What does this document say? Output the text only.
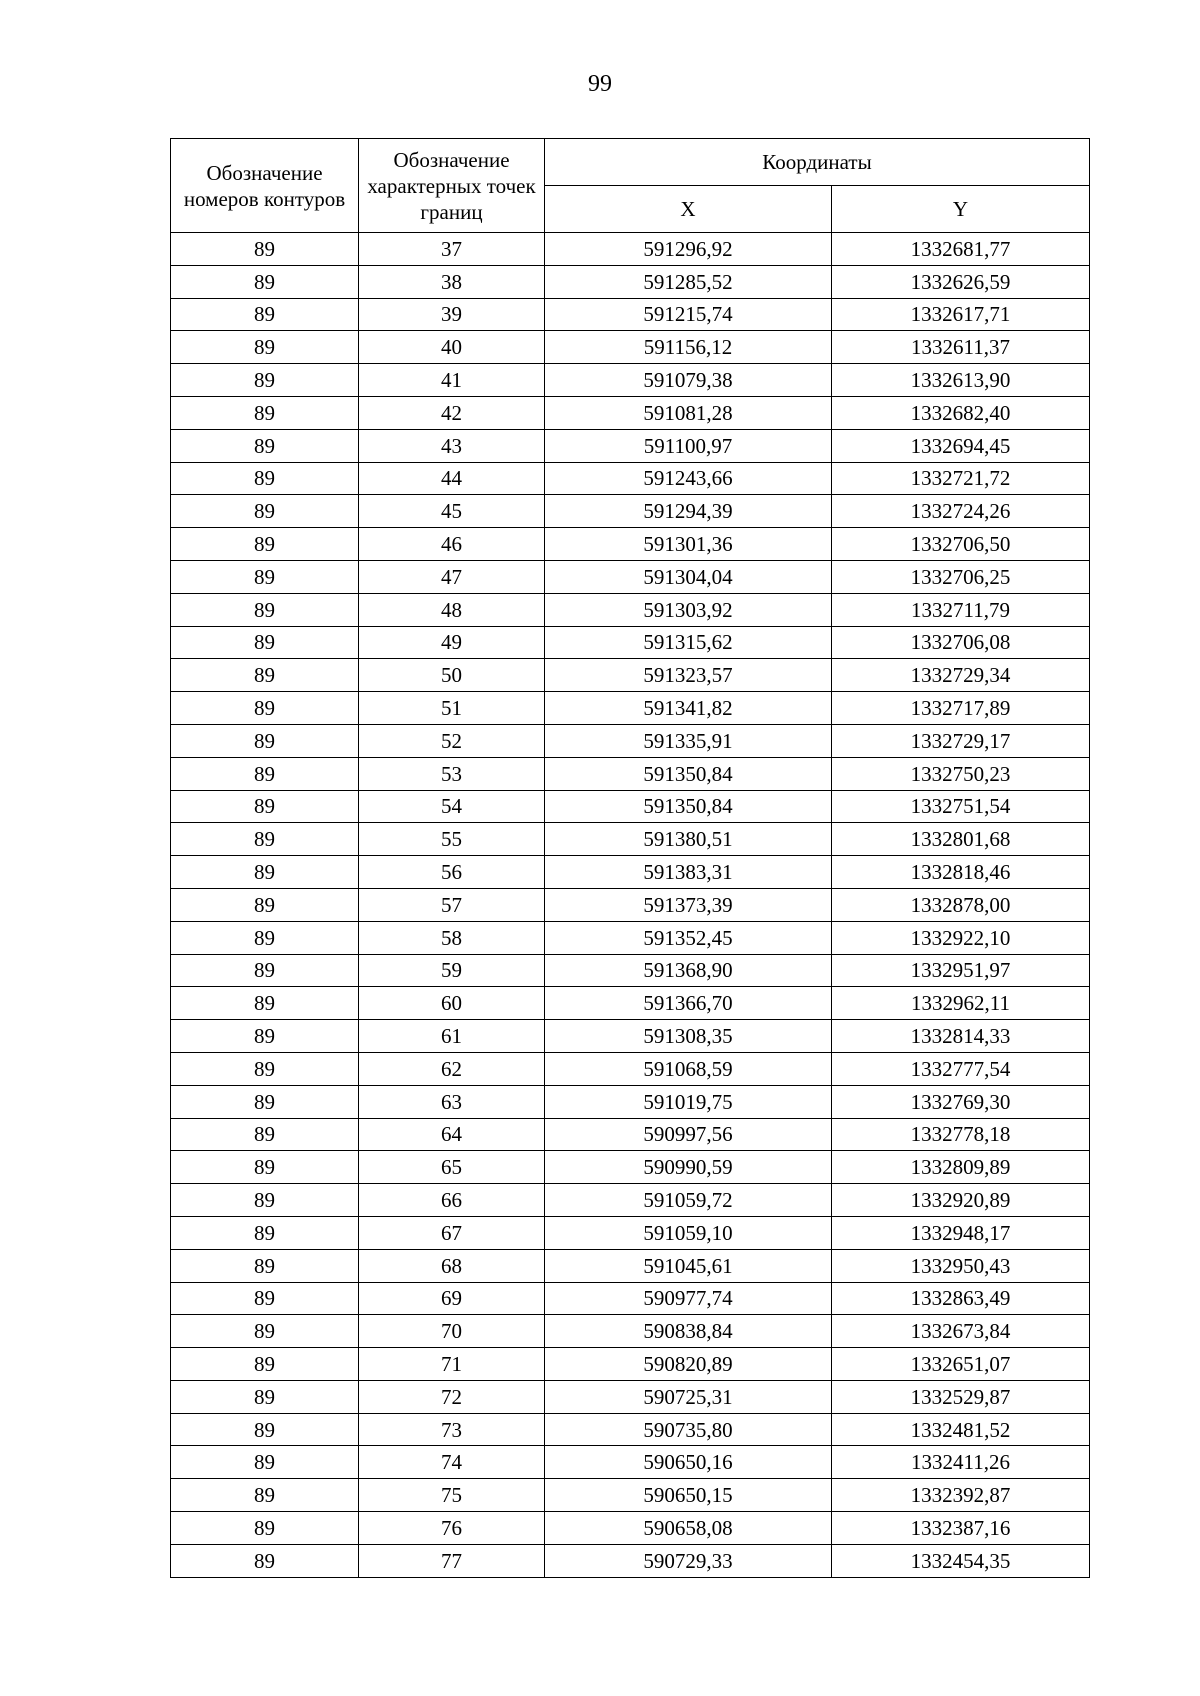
99
Обозначение номеров контуров	Обозначение характерных точек границ	Координаты	
		X	Y
89	37	591296,92	1332681,77
89	38	591285,52	1332626,59
89	39	591215,74	1332617,71
89	40	591156,12	1332611,37
89	41	591079,38	1332613,90
89	42	591081,28	1332682,40
89	43	591100,97	1332694,45
89	44	591243,66	1332721,72
89	45	591294,39	1332724,26
89	46	591301,36	1332706,50
89	47	591304,04	1332706,25
89	48	591303,92	1332711,79
89	49	591315,62	1332706,08
89	50	591323,57	1332729,34
89	51	591341,82	1332717,89
89	52	591335,91	1332729,17
89	53	591350,84	1332750,23
89	54	591350,84	1332751,54
89	55	591380,51	1332801,68
89	56	591383,31	1332818,46
89	57	591373,39	1332878,00
89	58	591352,45	1332922,10
89	59	591368,90	1332951,97
89	60	591366,70	1332962,11
89	61	591308,35	1332814,33
89	62	591068,59	1332777,54
89	63	591019,75	1332769,30
89	64	590997,56	1332778,18
89	65	590990,59	1332809,89
89	66	591059,72	1332920,89
89	67	591059,10	1332948,17
89	68	591045,61	1332950,43
89	69	590977,74	1332863,49
89	70	590838,84	1332673,84
89	71	590820,89	1332651,07
89	72	590725,31	1332529,87
89	73	590735,80	1332481,52
89	74	590650,16	1332411,26
89	75	590650,15	1332392,87
89	76	590658,08	1332387,16
89	77	590729,33	1332454,35
